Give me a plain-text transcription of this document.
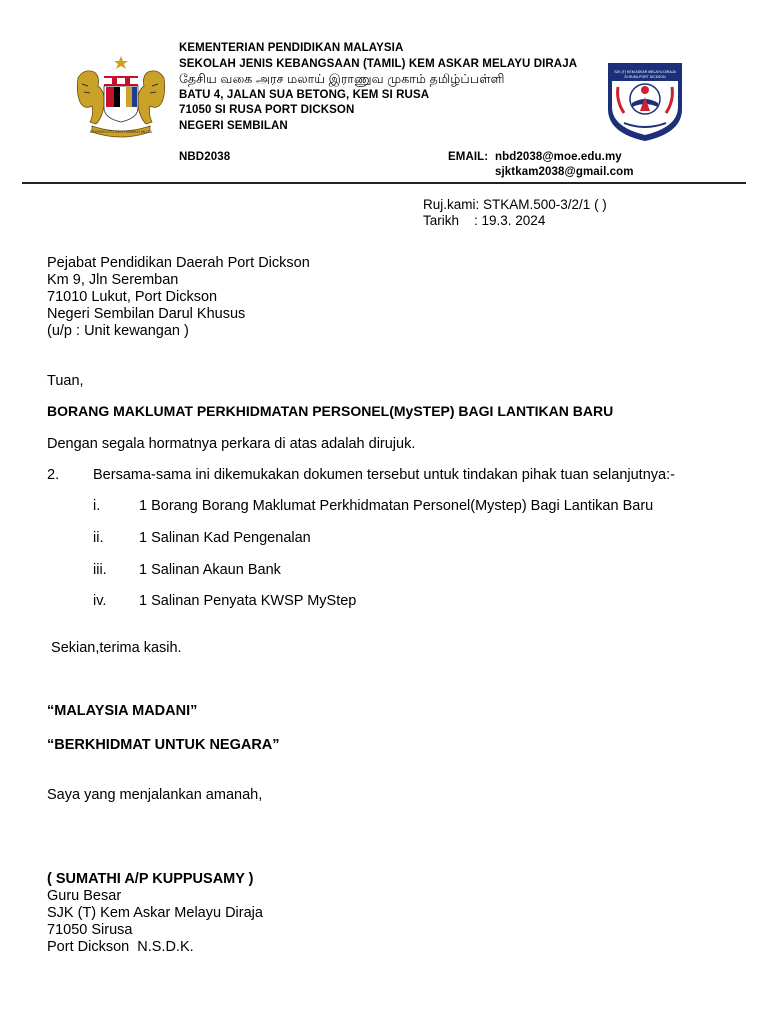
BERSEKUTU BERTAMBAH MUTU
SJK (T) KEM ASKAR MELAYU DIRAJA
SI RUSA PORT DICKSON
KEMENTERIAN PENDIDIKAN MALAYSIA
SEKOLAH JENIS KEBANGSAAN (TAMIL) KEM ASKAR MELAYU DIRAJA
தேசிய வகை அரச மலாய் இராணுவ முகாம் தமிழ்ப்பள்ளி
BATU 4, JALAN SUA BETONG, KEM SI RUSA
71050 SI RUSA PORT DICKSON
NEGERI SEMBILAN
NBD2038	EMAIL: nbd2038@moe.edu.my
sjktkam2038@gmail.com
Ruj.kami: STKAM.500-3/2/1 ( )
Tarikh    : 19.3. 2024
Pejabat Pendidikan Daerah Port Dickson
Km 9, Jln Seremban
71010 Lukut, Port Dickson
Negeri Sembilan Darul Khusus
(u/p : Unit kewangan )
Tuan,
BORANG MAKLUMAT PERKHIDMATAN PERSONEL(MySTEP) BAGI LANTIKAN BARU
Dengan segala hormatnya perkara di atas adalah dirujuk.
2. Bersama-sama ini dikemukakan dokumen tersebut untuk tindakan pihak tuan selanjutnya:-
i.	1 Borang Borang Maklumat Perkhidmatan Personel(Mystep) Bagi Lantikan Baru
ii. 1 Salinan Kad Pengenalan
iii. 1 Salinan Akaun Bank
iv. 1 Salinan Penyata KWSP MyStep
Sekian,terima kasih.
“MALAYSIA MADANI”
“BERKHIDMAT UNTUK NEGARA”
Saya yang menjalankan amanah,
( SUMATHI A/P KUPPUSAMY )
Guru Besar
SJK (T) Kem Askar Melayu Diraja
71050 Sirusa
Port Dickson  N.S.D.K.
